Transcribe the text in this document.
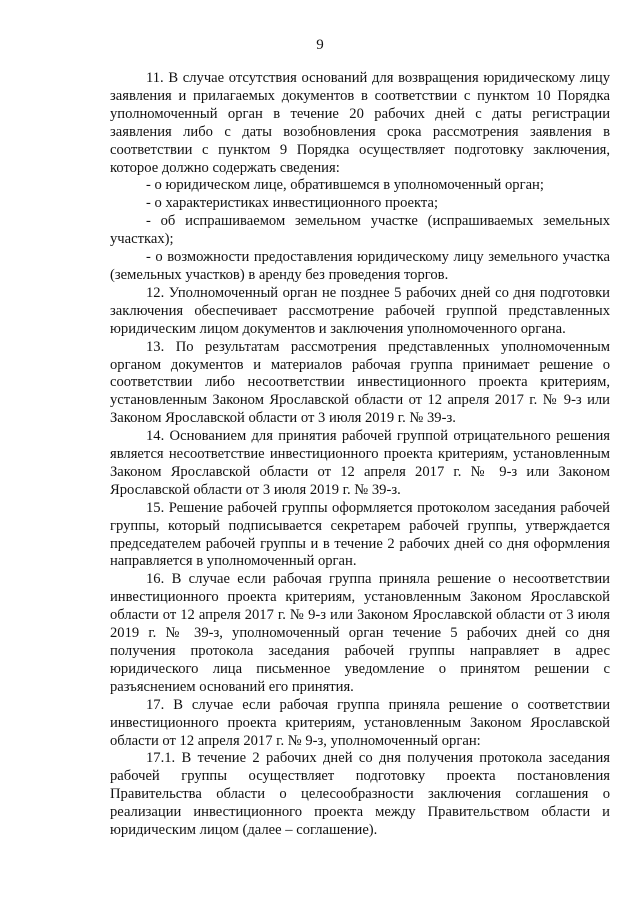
9

11. В случае отсутствия оснований для возвращения юридическому лицу заявления и прилагаемых документов в соответствии с пунктом 10 Порядка уполномоченный орган в течение 20 рабочих дней с даты регистрации заявления либо с даты возобновления срока рассмотрения заявления в соответствии с пунктом 9 Порядка осуществляет подготовку заключения, которое должно содержать сведения:

- о юридическом лице, обратившемся в уполномоченный орган;

- о характеристиках инвестиционного проекта;

- об испрашиваемом земельном участке (испрашиваемых земельных участках);

- о возможности предоставления юридическому лицу земельного участка (земельных участков) в аренду без проведения торгов.

12. Уполномоченный орган не позднее 5 рабочих дней со дня подготовки заключения обеспечивает рассмотрение рабочей группой представленных юридическим лицом документов и заключения уполномоченного органа.

13. По результатам рассмотрения представленных уполномоченным органом документов и материалов рабочая группа принимает решение о соответствии либо несоответствии инвестиционного проекта критериям, установленным Законом Ярославской области от 12 апреля 2017 г. № 9-з или Законом Ярославской области от 3 июля 2019 г. № 39-з.

14. Основанием для принятия рабочей группой отрицательного решения является несоответствие инвестиционного проекта критериям, установленным Законом Ярославской области от 12 апреля 2017 г. № 9-з или Законом Ярославской области от 3 июля 2019 г. № 39-з.

15. Решение рабочей группы оформляется протоколом заседания рабочей группы, который подписывается секретарем рабочей группы, утверждается председателем рабочей группы и в течение 2 рабочих дней со дня оформления направляется в уполномоченный орган.

16. В случае если рабочая группа приняла решение о несоответствии инвестиционного проекта критериям, установленным Законом Ярославской области от 12 апреля 2017 г. № 9-з или Законом Ярославской области от 3 июля 2019 г. № 39-з, уполномоченный орган течение 5 рабочих дней со дня получения протокола заседания рабочей группы направляет в адрес юридического лица письменное уведомление о принятом решении с разъяснением оснований его принятия.

17. В случае если рабочая группа приняла решение о соответствии инвестиционного проекта критериям, установленным Законом Ярославской области от 12 апреля 2017 г. № 9-з, уполномоченный орган:

17.1. В течение 2 рабочих дней со дня получения протокола заседания рабочей группы осуществляет подготовку проекта постановления Правительства области о целесообразности заключения соглашения о реализации инвестиционного проекта между Правительством области и юридическим лицом (далее – соглашение).
